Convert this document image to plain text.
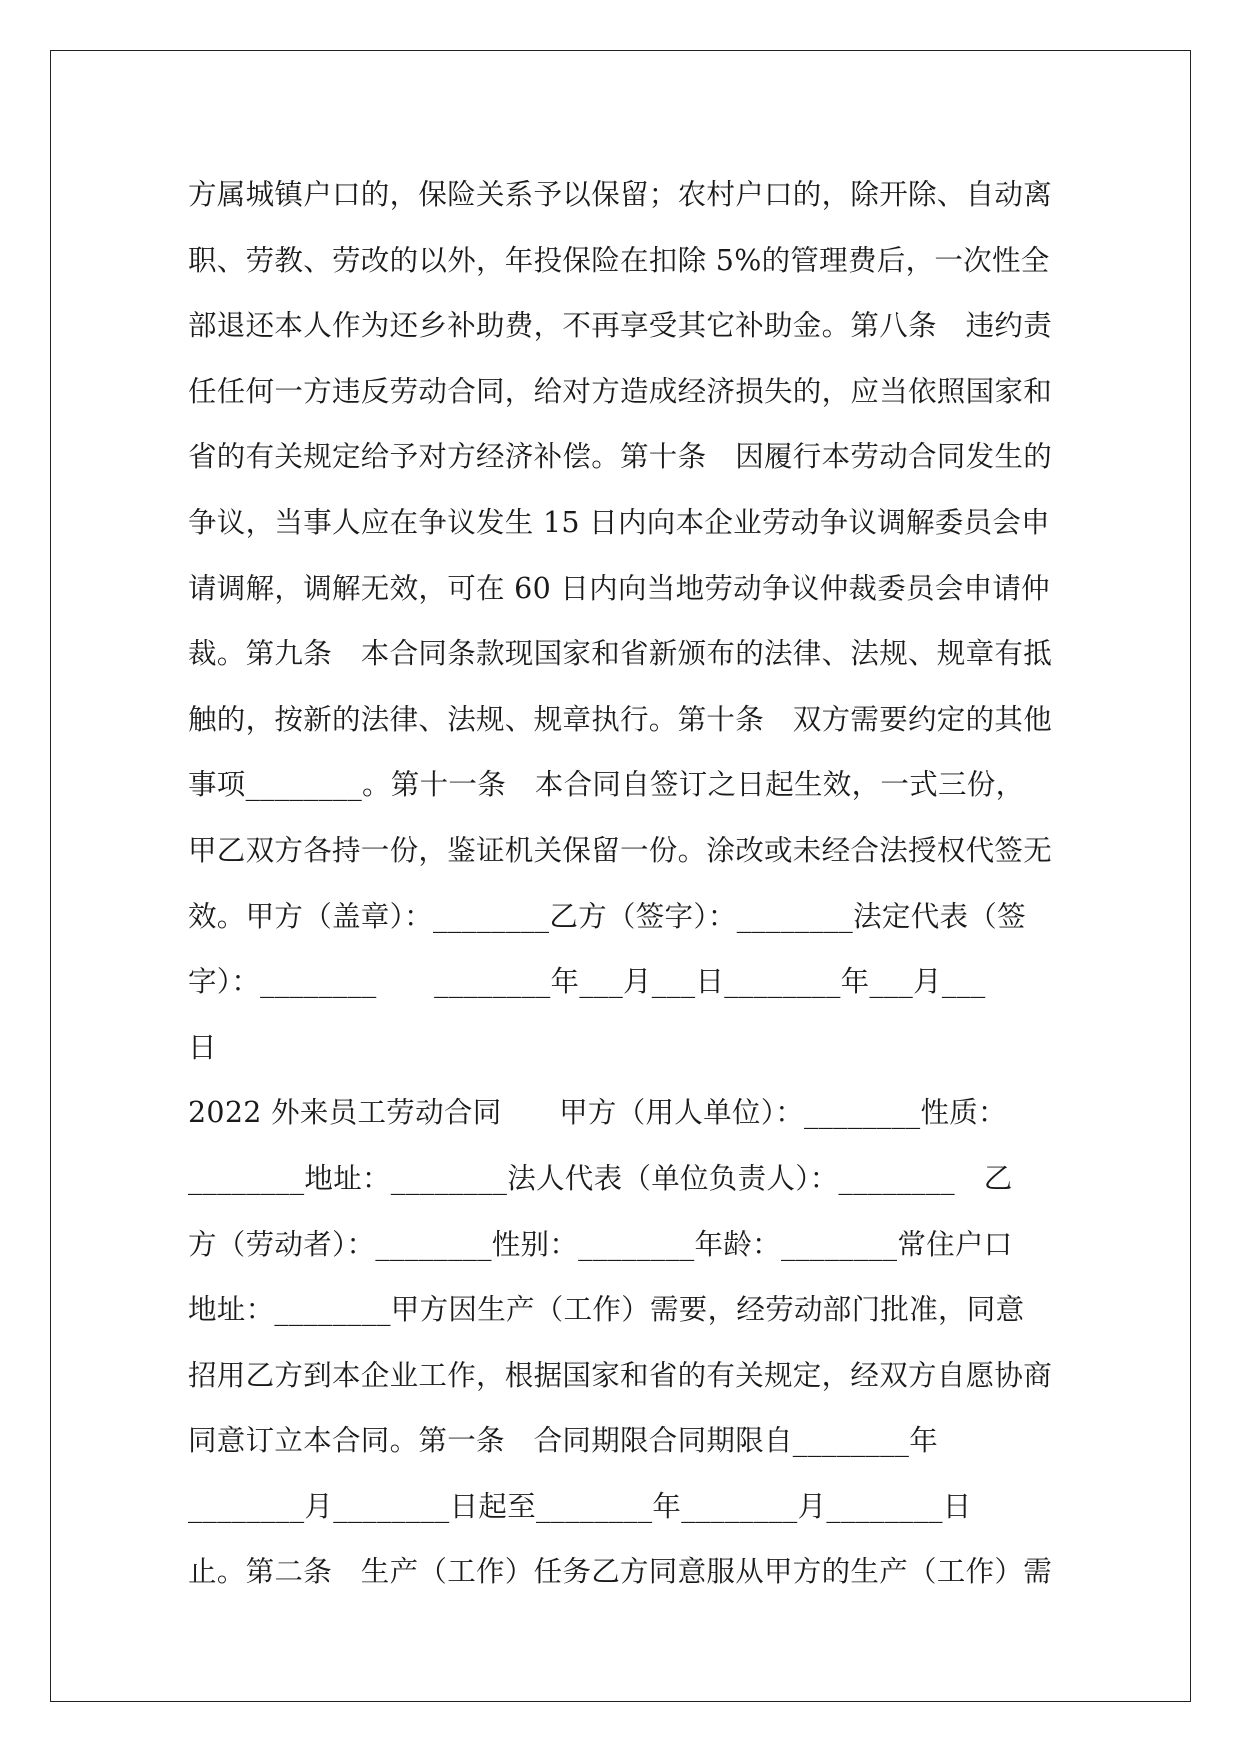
方属城镇户口的，保险关系予以保留；农村户口的，除开除、自动离
职、劳教、劳改的以外，年投保险在扣除 5%的管理费后，一次性全
部退还本人作为还乡补助费，不再享受其它补助金。第八条　违约责
任任何一方违反劳动合同，给对方造成经济损失的，应当依照国家和
省的有关规定给予对方经济补偿。第十条　因履行本劳动合同发生的
争议，当事人应在争议发生 15 日内向本企业劳动争议调解委员会申
请调解，调解无效，可在 60 日内向当地劳动争议仲裁委员会申请仲
裁。第九条　本合同条款现国家和省新颁布的法律、法规、规章有抵
触的，按新的法律、法规、规章执行。第十条　双方需要约定的其他
事项________。第十一条　本合同自签订之日起生效，一式三份，
甲乙双方各持一份，鉴证机关保留一份。涂改或未经合法授权代签无
效。甲方（盖章）：________乙方（签字）：________法定代表（签
字）：________　　________年___月___日________年___月___
日
2022 外来员工劳动合同　　甲方（用人单位）：________性质：
________地址：________法人代表（单位负责人）：________　乙
方（劳动者）：________性别：________年龄：________常住户口
地址：________甲方因生产（工作）需要，经劳动部门批准，同意
招用乙方到本企业工作，根据国家和省的有关规定，经双方自愿协商
同意订立本合同。第一条　合同期限合同期限自________年
________月________日起至________年________月________日
止。第二条　生产（工作）任务乙方同意服从甲方的生产（工作）需
